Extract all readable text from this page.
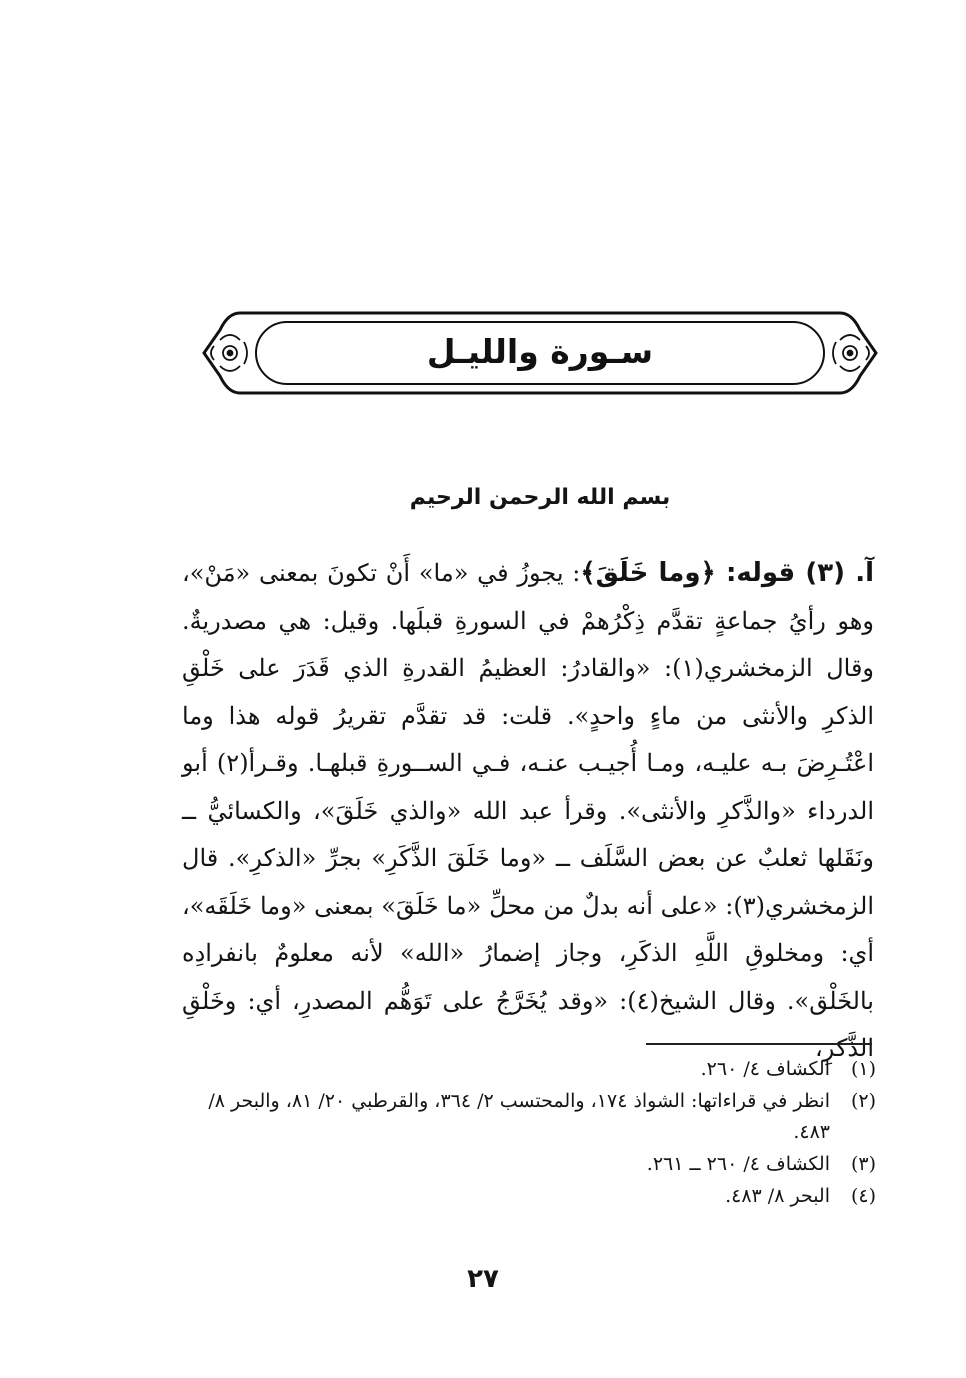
سـورة والليـل
بسم الله الرحمن الرحيم
آ. (٣) قوله: ﴿وما خَلَقَ﴾: يجوزُ في «ما» أَنْ تكونَ بمعنى «مَنْ»، وهو رأيُ جماعةٍ تقدَّم ذِكْرُهمْ في السورةِ قبلَها. وقيل: هي مصدريةٌ. وقال الزمخشري(١): «والقادرُ: العظيمُ القدرةِ الذي قَدَرَ على خَلْقِ الذكرِ والأنثى من ماءٍ واحدٍ». قلت: قد تقدَّم تقريرُ قوله هذا وما اعْتُـرِضَ بـه عليـه، ومـا أُجيـب عنـه، فـي الســورةِ قبلهـا. وقـرأ(٢) أبو الدرداء «والذَّكرِ والأنثى». وقرأ عبد الله «والذي خَلَقَ»، والكسائيُّ ــ ونَقَلها ثعلبٌ عن بعض السَّلَف ــ «وما خَلَقَ الذَّكَرِ» بجرِّ «الذكرِ». قال الزمخشري(٣): «على أنه بدلٌ من محلِّ «ما خَلَقَ» بمعنى «وما خَلَقَه»، أي: ومخلوقِ اللَّهِ الذكَرِ، وجاز إضمارُ «الله» لأنه معلومٌ بانفرادِه بالخَلْق». وقال الشيخ(٤): «وقد يُخَرَّجُ على تَوَهُّم المصدرِ، أي: وخَلْقِ الذَّكرِ،
(١)
الكشاف ٤/ ٢٦٠.
(٢)
انظر في قراءاتها: الشواذ ١٧٤، والمحتسب ٢/ ٣٦٤، والقرطبي ٢٠/ ٨١، والبحر ٨/ ٤٨٣.
(٣)
الكشاف ٤/ ٢٦٠ ــ ٢٦١.
(٤)
البحر ٨/ ٤٨٣.
٢٧
